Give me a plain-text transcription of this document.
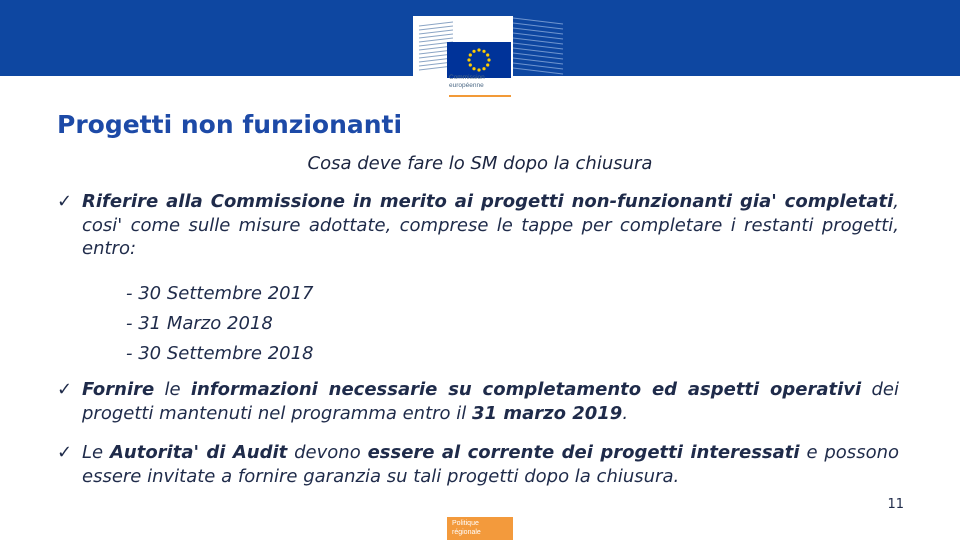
Commission
européenne
Progetti non funzionanti
Cosa deve fare lo SM dopo la chiusura
✓ Riferire alla Commissione in merito ai progetti non-funzionanti gia' completati, cosi' come sulle misure adottate, comprese le tappe per completare i restanti progetti, entro:
- 30 Settembre 2017
- 31 Marzo 2018
- 30 Settembre 2018
✓ Fornire le informazioni necessarie su completamento ed aspetti operativi dei progetti mantenuti nel programma entro il 31 marzo 2019.
✓ Le Autorita' di Audit devono essere al corrente dei progetti interessati e possono essere invitate a fornire garanzia su tali progetti dopo la chiusura.
11
Politique
régionale
